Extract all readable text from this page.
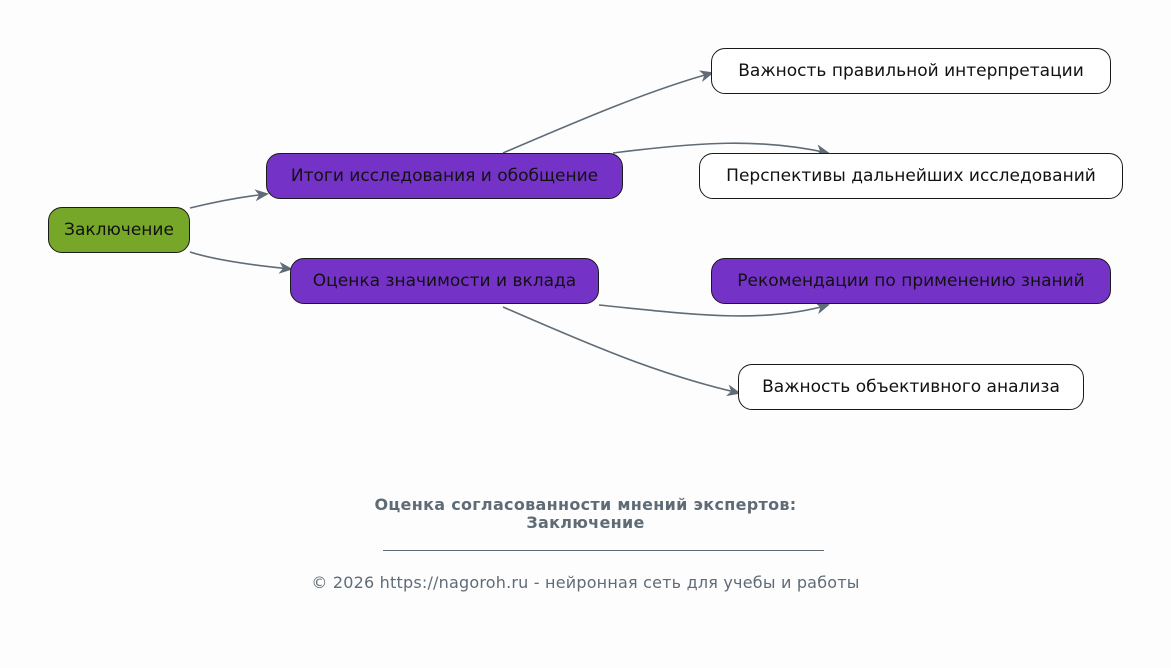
Заключение
Итоги исследования и обобщение
Оценка значимости и вклада
Важность правильной интерпретации
Перспективы дальнейших исследований
Рекомендации по применению знаний
Важность объективного анализа
Оценка согласованности мнений экспертов:
Заключение
© 2026 https://nagoroh.ru - нейронная сеть для учебы и работы
